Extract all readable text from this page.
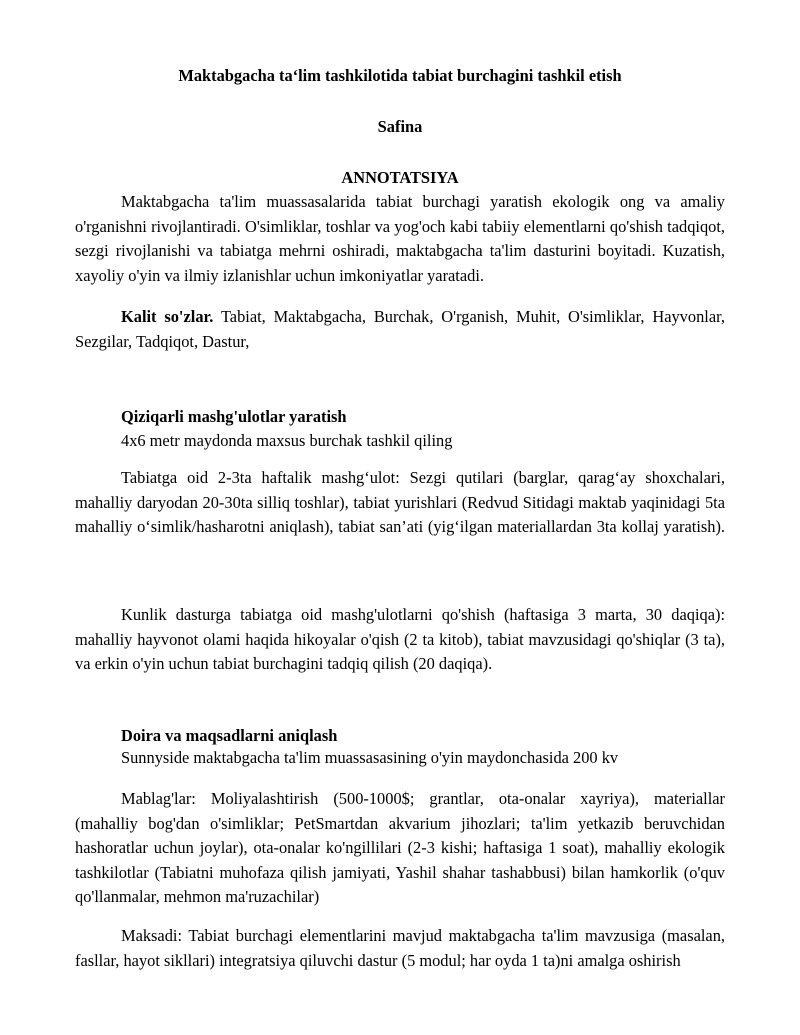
Maktabgacha ta‘lim tashkilotida tabiat burchagini tashkil etish
Safina
ANNOTATSIYA
Maktabgacha ta'lim muassasalarida tabiat burchagi yaratish ekologik ong va amaliy o'rganishni rivojlantiradi. O'simliklar, toshlar va yog'och kabi tabiiy elementlarni qo'shish tadqiqot, sezgi rivojlanishi va tabiatga mehrni oshiradi, maktabgacha ta'lim dasturini boyitadi. Kuzatish, xayoliy o'yin va ilmiy izlanishlar uchun imkoniyatlar yaratadi.
Kalit so'zlar. Tabiat, Maktabgacha, Burchak, O'rganish, Muhit, O'simliklar, Hayvonlar, Sezgilar, Tadqiqot, Dastur,
Qiziqarli mashg'ulotlar yaratish
4x6 metr maydonda maxsus burchak tashkil qiling
Tabiatga oid 2-3ta haftalik mashg‘ulot: Sezgi qutilari (barglar, qarag‘ay shoxchalari, mahalliy daryodan 20-30ta silliq toshlar), tabiat yurishlari (Redvud Sitidagi maktab yaqinidagi 5ta mahalliy o‘simlik/hasharotni aniqlash), tabiat san’ati (yig‘ilgan materiallardan 3ta kollaj yaratish).
Kunlik dasturga tabiatga oid mashg'ulotlarni qo'shish (haftasiga 3 marta, 30 daqiqa): mahalliy hayvonot olami haqida hikoyalar o'qish (2 ta kitob), tabiat mavzusidagi qo'shiqlar (3 ta), va erkin o'yin uchun tabiat burchagini tadqiq qilish (20 daqiqa).
Doira va maqsadlarni aniqlash
Sunnyside maktabgacha ta'lim muassasasining o'yin maydonchasida 200 kv
Mablag'lar: Moliyalashtirish (500-1000$; grantlar, ota-onalar xayriya), materiallar (mahalliy bog'dan o'simliklar; PetSmartdan akvarium jihozlari; ta'lim yetkazib beruvchidan hashoratlar uchun joylar), ota-onalar ko'ngillilari (2-3 kishi; haftasiga 1 soat), mahalliy ekologik tashkilotlar (Tabiatni muhofaza qilish jamiyati, Yashil shahar tashabbusi) bilan hamkorlik (o'quv qo'llanmalar, mehmon ma'ruzachilar)
Maksadi: Tabiat burchagi elementlarini mavjud maktabgacha ta'lim mavzusiga (masalan, fasllar, hayot sikllari) integratsiya qiluvchi dastur (5 modul; har oyda 1 ta)ni amalga oshirish
